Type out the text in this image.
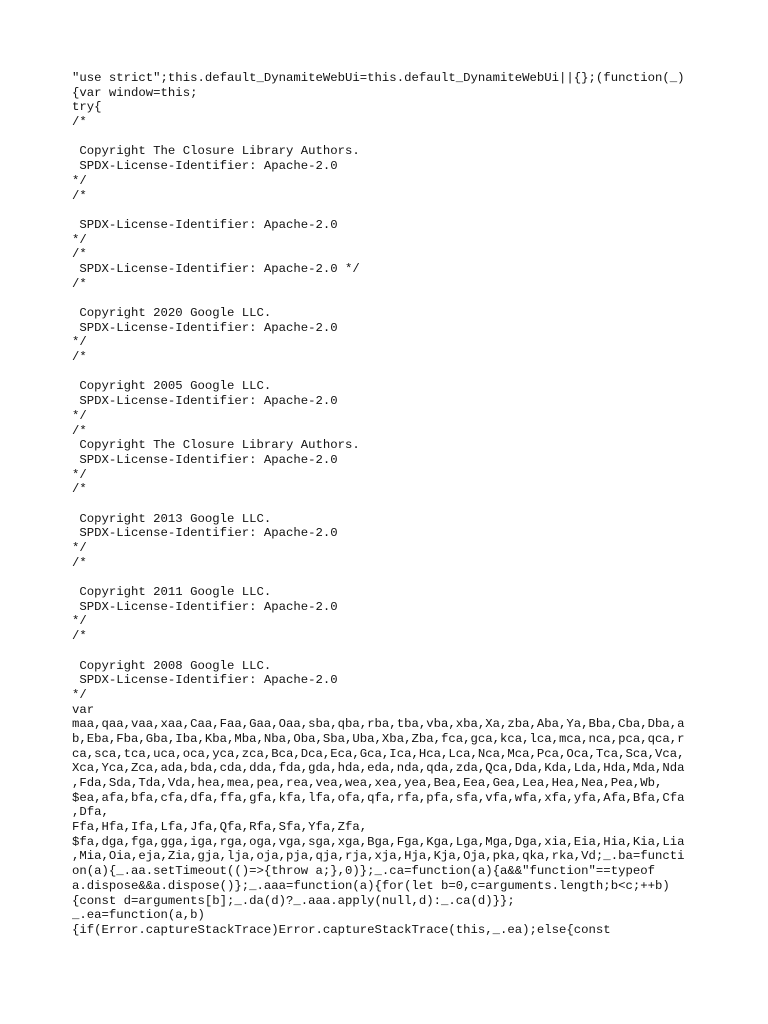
"use strict";this.default_DynamiteWebUi=this.default_DynamiteWebUi||{};(function(_)
{var window=this;
try{
/*
Copyright The Closure Library Authors.
SPDX-License-Identifier: Apache-2.0
*/
/*
SPDX-License-Identifier: Apache-2.0
*/
/*
SPDX-License-Identifier: Apache-2.0 */
/*
Copyright 2020 Google LLC.
SPDX-License-Identifier: Apache-2.0
*/
/*
Copyright 2005 Google LLC.
SPDX-License-Identifier: Apache-2.0
*/
/*
Copyright The Closure Library Authors.
SPDX-License-Identifier: Apache-2.0
*/
/*
Copyright 2013 Google LLC.
SPDX-License-Identifier: Apache-2.0
*/
/*
Copyright 2011 Google LLC.
SPDX-License-Identifier: Apache-2.0
*/
/*
Copyright 2008 Google LLC.
SPDX-License-Identifier: Apache-2.0
*/
var
maa,qaa,vaa,xaa,Caa,Faa,Gaa,Oaa,sba,qba,rba,tba,vba,xba,Xa,zba,Aba,Ya,Bba,Cba,Dba,a
b,Eba,Fba,Gba,Iba,Kba,Mba,Nba,Oba,Sba,Uba,Xba,Zba,fca,gca,kca,lca,mca,nca,pca,qca,r
ca,sca,tca,uca,oca,yca,zca,Bca,Dca,Eca,Gca,Ica,Hca,Lca,Nca,Mca,Pca,Oca,Tca,Sca,Vca,
Xca,Yca,Zca,ada,bda,cda,dda,fda,gda,hda,eda,nda,qda,zda,Qca,Dda,Kda,Lda,Hda,Mda,Nda
,Fda,Sda,Tda,Vda,hea,mea,pea,rea,vea,wea,xea,yea,Bea,Eea,Gea,Lea,Hea,Nea,Pea,Wb,
$ea,afa,bfa,cfa,dfa,ffa,gfa,kfa,lfa,ofa,qfa,rfa,pfa,sfa,vfa,wfa,xfa,yfa,Afa,Bfa,Cfa
,Dfa,
Ffa,Hfa,Ifa,Lfa,Jfa,Qfa,Rfa,Sfa,Yfa,Zfa,
$fa,dga,fga,gga,iga,rga,oga,vga,sga,xga,Bga,Fga,Kga,Lga,Mga,Dga,xia,Eia,Hia,Kia,Lia
,Mia,Oia,eja,Zia,gja,lja,oja,pja,qja,rja,xja,Hja,Kja,Oja,pka,qka,rka,Vd;_.ba=functi
on(a){_.aa.setTimeout(()=>{throw a;},0)};_.ca=function(a){a&&"function"==typeof
a.dispose&&a.dispose()};_.aaa=function(a){for(let b=0,c=arguments.length;b<c;++b)
{const d=arguments[b];_.da(d)?_.aaa.apply(null,d):_.ca(d)}};
_.ea=function(a,b)
{if(Error.captureStackTrace)Error.captureStackTrace(this,_.ea);else{const
